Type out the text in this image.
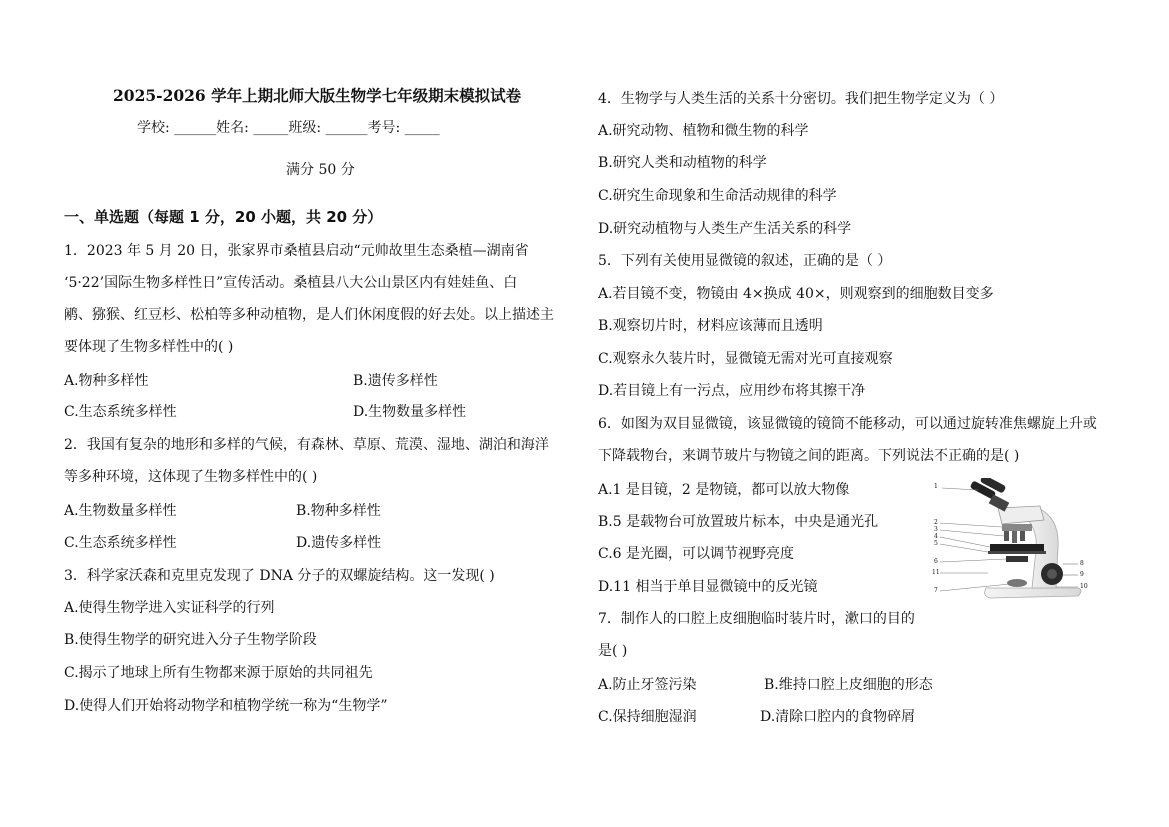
2025-2026 学年上期北师大版生物学七年级期末模拟试卷
学校: ______姓名: _____班级: ______考号: _____
满分 50 分
一、单选题（每题 1 分，20 小题，共 20 分）
1．2023 年 5 月 20 日，张家界市桑植县启动“元帅故里生态桑植—湖南省
‘5·22’国际生物多样性日”宣传活动。桑植县八大公山景区内有娃娃鱼、白
鹇、猕猴、红豆杉、松柏等多种动植物，是人们休闲度假的好去处。以上描述主
要体现了生物多样性中的( )
A.物种多样性	B.遗传多样性
C.生态系统多样性	D.生物数量多样性
2．我国有复杂的地形和多样的气候，有森林、草原、荒漠、湿地、湖泊和海洋
等多种环境，这体现了生物多样性中的( )
A.生物数量多样性	B.物种多样性
C.生态系统多样性	D.遗传多样性
3．科学家沃森和克里克发现了 DNA 分子的双螺旋结构。这一发现( )
A.使得生物学进入实证科学的行列
B.使得生物学的研究进入分子生物学阶段
C.揭示了地球上所有生物都来源于原始的共同祖先
D.使得人们开始将动物学和植物学统一称为“生物学”
4．生物学与人类生活的关系十分密切。我们把生物学定义为（ ）
A.研究动物、植物和微生物的科学
B.研究人类和动植物的科学
C.研究生命现象和生命活动规律的科学
D.研究动植物与人类生产生活关系的科学
5．下列有关使用显微镜的叙述，正确的是（ ）
A.若目镜不变，物镜由 4×换成 40×，则观察到的细胞数目变多
B.观察切片时，材料应该薄而且透明
C.观察永久装片时，显微镜无需对光可直接观察
D.若目镜上有一污点，应用纱布将其擦干净
6．如图为双目显微镜，该显微镜的镜筒不能移动，可以通过旋转准焦螺旋上升或
下降载物台，来调节玻片与物镜之间的距离。下列说法不正确的是( )
A.1 是目镜，2 是物镜，都可以放大物像
B.5 是载物台可放置玻片标本，中央是通光孔
C.6 是光圈，可以调节视野亮度
D.11 相当于单目显微镜中的反光镜
1
2
3
4
5
6
11
7
8
9
10
7．制作人的口腔上皮细胞临时装片时，漱口的目的
是( )
A.防止牙签污染	B.维持口腔上皮细胞的形态
C.保持细胞湿润	D.清除口腔内的食物碎屑
